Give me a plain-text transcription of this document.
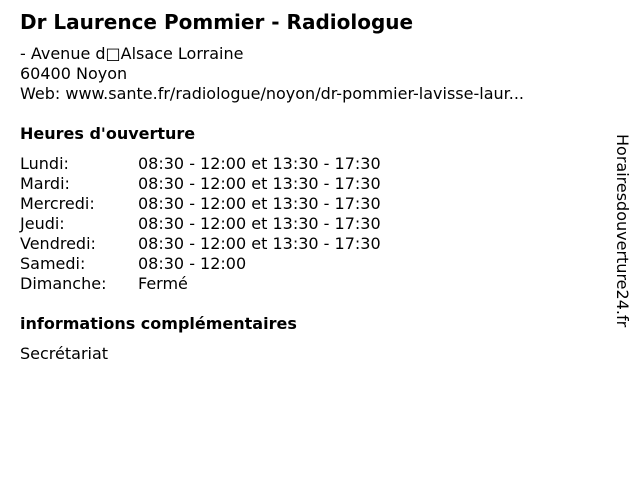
Dr Laurence Pommier - Radiologue
- Avenue d□Alsace Lorraine
60400 Noyon
Web: www.sante.fr/radiologue/noyon/dr-pommier-lavisse-laur...
Heures d'ouverture
Lundi:	08:30 - 12:00 et 13:30 - 17:30
Mardi:	08:30 - 12:00 et 13:30 - 17:30
Mercredi:	08:30 - 12:00 et 13:30 - 17:30
Jeudi:	08:30 - 12:00 et 13:30 - 17:30
Vendredi:	08:30 - 12:00 et 13:30 - 17:30
Samedi:	08:30 - 12:00
Dimanche: Fermé
informations complémentaires
Secrétariat
Horairesdouverture24.fr
